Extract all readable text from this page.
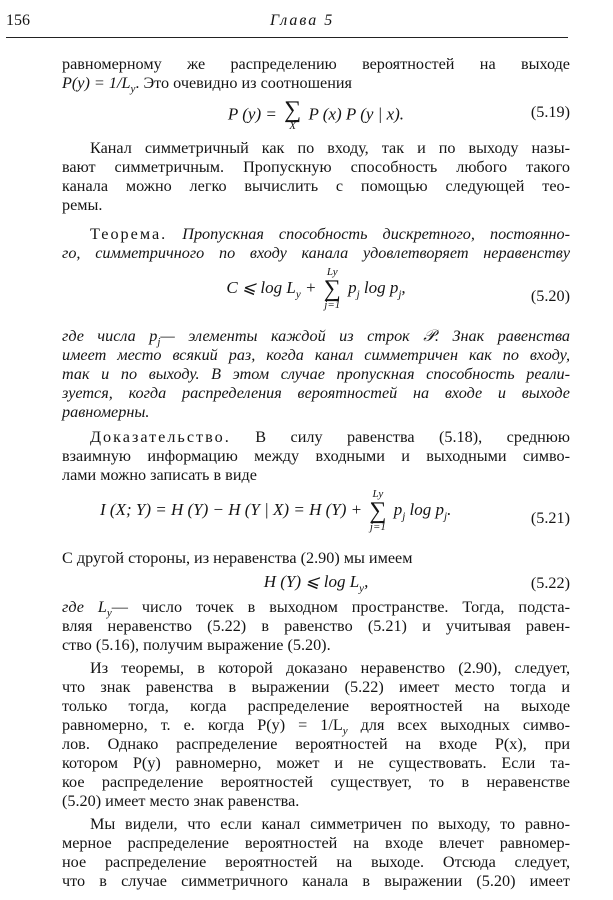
156	Глава 5
равномерному же распределению вероятностей на выходе
$P(y) = 1/L_y$. Это очевидно из соотношения
P (y) = ∑
X
P (x) P (y | x).	(5.19)
Канал симметричный как по входу, так и по выходу назы-
вают симметричным. Пропускную способность любого такого
канала можно легко вычислить с помощью следующей тео-
ремы.
Теорема. Пропускная способность дискретного, постоянно-
го, симметричного по входу канала удовлетворяет неравенству
C ⩽ $\log L_y$ +
Ly
∑
j=1
$p_j$ $\log p_j$,	(5.20)
где числа $p_j—$ элементы каждой из строк 𝒫. Знак равенства
имеет место всякий раз, когда канал симметричен как по входу,
так и по выходу. В этом случае пропускная способность реали-
зуется, когда распределения вероятностей на входе и выходе
равномерны.
Доказательство. В силу равенства (5.18), среднюю
взаимную информацию между входными и выходными симво-
лами можно записать в виде
I (X; Y) = H (Y) − H (Y | X) = H (Y) +
Ly
∑
j=1
$p_j$ $\log p_j$.	(5.21)
С другой стороны, из неравенства (2.90) мы имеем
H (Y) ⩽ $\log L_y$,	(5.22)
где $L_y—$ число точек в выходном пространстве. Тогда, подста-
вляя неравенство (5.22) в равенство (5.21) и учитывая равен-
ство (5.16), получим выражение (5.20).
Из теоремы, в которой доказано неравенство (2.90), следует,
что знак равенства в выражении (5.22) имеет место тогда и
только тогда, когда распределение вероятностей на выходе
равномерно, т. е. когда $P(y) = 1/L_y$ для всех выходных симво-
лов. Однако распределение вероятностей на входе P(x), при
котором P(y) равномерно, может и не существовать. Если та-
кое распределение вероятностей существует, то в неравенстве
(5.20) имеет место знак равенства.
Мы видели, что если канал симметричен по выходу, то равно-
мерное распределение вероятностей на входе влечет равномер-
ное распределение вероятностей на выходе. Отсюда следует,
что в случае симметричного канала в выражении (5.20) имеет
